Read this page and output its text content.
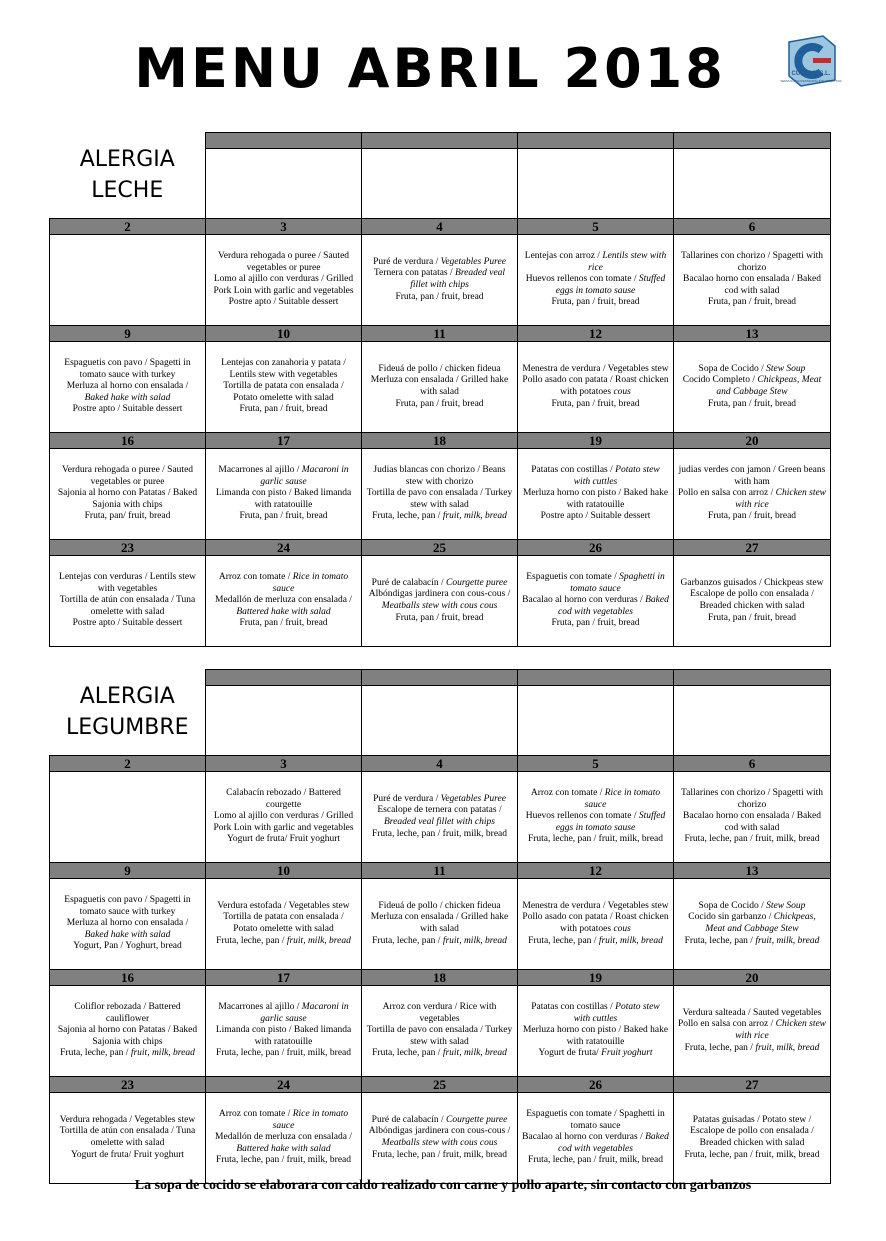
MENU ABRIL 2018	CUTASA, S.L.
SERVICIO DE RESTAURACIÓN COLECTIVA
ALERGIA
LECHE				

2	3	4	5	6

	Verdura rehogada o puree / Sauted vegetables or puree
Lomo al ajillo con verduras / Grilled Pork Loin with garlic and vegetables
Postre apto / Suitable dessert	Puré de verdura / Vegetables Puree
Ternera con patatas / Breaded veal fillet with chips
Fruta, pan / fruit, bread	Lentejas con arroz / Lentils stew with rice
Huevos rellenos con tomate / Stuffed eggs in tomato sause
Fruta, pan / fruit, bread	Tallarines con chorizo / Spagetti with chorizo
Bacalao horno con ensalada / Baked cod with salad
Fruta, pan / fruit, bread

9	10	11	12	13

Espaguetis con pavo / Spagetti in tomato sauce with turkey
Merluza al horno con ensalada / Baked hake with salad
Postre apto / Suitable dessert	Lentejas con zanahoria y patata / Lentils stew with vegetables
Tortilla de patata con ensalada / Potato omelette with salad
Fruta, pan / fruit, bread	Fideuá de pollo / chicken fideua
Merluza con ensalada / Grilled hake with salad
Fruta, pan / fruit, bread	Menestra de verdura / Vegetables stew
Pollo asado con patata / Roast chicken with potatoes cous
Fruta, pan / fruit, bread	Sopa de Cocido / Stew Soup
Cocido Completo / Chickpeas, Meat and Cabbage Stew
Fruta, pan / fruit, bread

16	17	18	19	20

Verdura rehogada o puree / Sauted vegetables or puree
Sajonia al horno con Patatas / Baked Sajonia with chips
Fruta, pan/ fruit, bread	Macarrones al ajillo / Macaroni in garlic sause
Limanda con pisto / Baked limanda with ratatouille
Fruta, pan / fruit, bread	Judias blancas con chorizo / Beans stew with chorizo
Tortilla de pavo con ensalada / Turkey stew with salad
Fruta, leche, pan / fruit, milk, bread	Patatas con costillas / Potato stew with cuttles
Merluza horno con pisto / Baked hake with ratatouille
Postre apto / Suitable dessert	judias verdes con jamon / Green beans with ham
Pollo en salsa con arroz / Chicken stew with rice
Fruta, pan / fruit, bread

23	24	25	26	27

Lentejas con verduras / Lentils stew with vegetables
Tortilla de atún con ensalada / Tuna omelette with salad
Postre apto / Suitable dessert	Arroz con tomate / Rice in tomato sauce
Medallón de merluza con ensalada / Battered hake with salad
Fruta, pan / fruit, bread	Puré de calabacín / Courgette puree
Albóndigas jardinera con cous-cous / Meatballs stew with cous cous
Fruta, pan / fruit, bread	Espaguetis con tomate / Spaghetti in tomato sauce
Bacalao al horno con verduras / Baked cod with vegetables
Fruta, pan / fruit, bread	Garbanzos guisados / Chickpeas stew
Escalope de pollo con ensalada / Breaded chicken with salad
Fruta, pan / fruit, bread
ALERGIA
LEGUMBRE				

2	3	4	5	6

	Calabacín rebozado / Battered courgette
Lomo al ajillo con verduras / Grilled Pork Loin with garlic and vegetables
Yogurt de fruta/ Fruit yoghurt	Puré de verdura / Vegetables Puree
Escalope de ternera con patatas / Breaded veal fillet with chips
Fruta, leche, pan / fruit, milk, bread	Arroz con tomate / Rice in tomato sauce
Huevos rellenos con tomate / Stuffed eggs in tomato sause
Fruta, leche, pan / fruit, milk, bread	Tallarines con chorizo / Spagetti with chorizo
Bacalao horno con ensalada / Baked cod with salad
Fruta, leche, pan / fruit, milk, bread

9	10	11	12	13

Espaguetis con pavo / Spagetti in tomato sauce with turkey
Merluza al horno con ensalada / Baked hake with salad
Yogurt, Pan / Yoghurt, bread	Verdura estofada / Vegetables stew
Tortilla de patata con ensalada / Potato omelette with salad
Fruta, leche, pan / fruit, milk, bread	Fideuá de pollo / chicken fideua
Merluza con ensalada / Grilled hake with salad
Fruta, leche, pan / fruit, milk, bread	Menestra de verdura / Vegetables stew
Pollo asado con patata / Roast chicken with potatoes cous
Fruta, leche, pan / fruit, milk, bread	Sopa de Cocido / Stew Soup
Cocido sin garbanzo / Chickpeas, Meat and Cabbage Stew
Fruta, leche, pan / fruit, milk, bread

16	17	18	19	20

Coliflor rebozada / Battered cauliflower
Sajonia al horno con Patatas / Baked Sajonia with chips
Fruta, leche, pan / fruit, milk, bread	Macarrones al ajillo / Macaroni in garlic sause
Limanda con pisto / Baked limanda with ratatouille
Fruta, leche, pan / fruit, milk, bread	Arroz con verdura / Rice with vegetables
Tortilla de pavo con ensalada / Turkey stew with salad
Fruta, leche, pan / fruit, milk, bread	Patatas con costillas / Potato stew with cuttles
Merluza horno con pisto / Baked hake with ratatouille
Yogurt de fruta/ Fruit yoghurt	Verdura salteada / Sauted vegetables
Pollo en salsa con arroz / Chicken stew with rice
Fruta, leche, pan / fruit, milk, bread

23	24	25	26	27

Verdura rehogada / Vegetables stew
Tortilla de atún con ensalada / Tuna omelette with salad
Yogurt de fruta/ Fruit yoghurt	Arroz con tomate / Rice in tomato sauce
Medallón de merluza con ensalada / Battered hake with salad
Fruta, leche, pan / fruit, milk, bread	Puré de calabacín / Courgette puree
Albóndigas jardinera con cous-cous / Meatballs stew with cous cous
Fruta, leche, pan / fruit, milk, bread	Espaguetis con tomate / Spaghetti in tomato sauce
Bacalao al horno con verduras / Baked cod with vegetables
Fruta, leche, pan / fruit, milk, bread	Patatas guisadas / Potato stew / Escalope de pollo con ensalada / Breaded chicken with salad
Fruta, leche, pan / fruit, milk, bread
La sopa de cocido se elaborara con caldo realizado con carne y pollo aparte, sin contacto con garbanzos
